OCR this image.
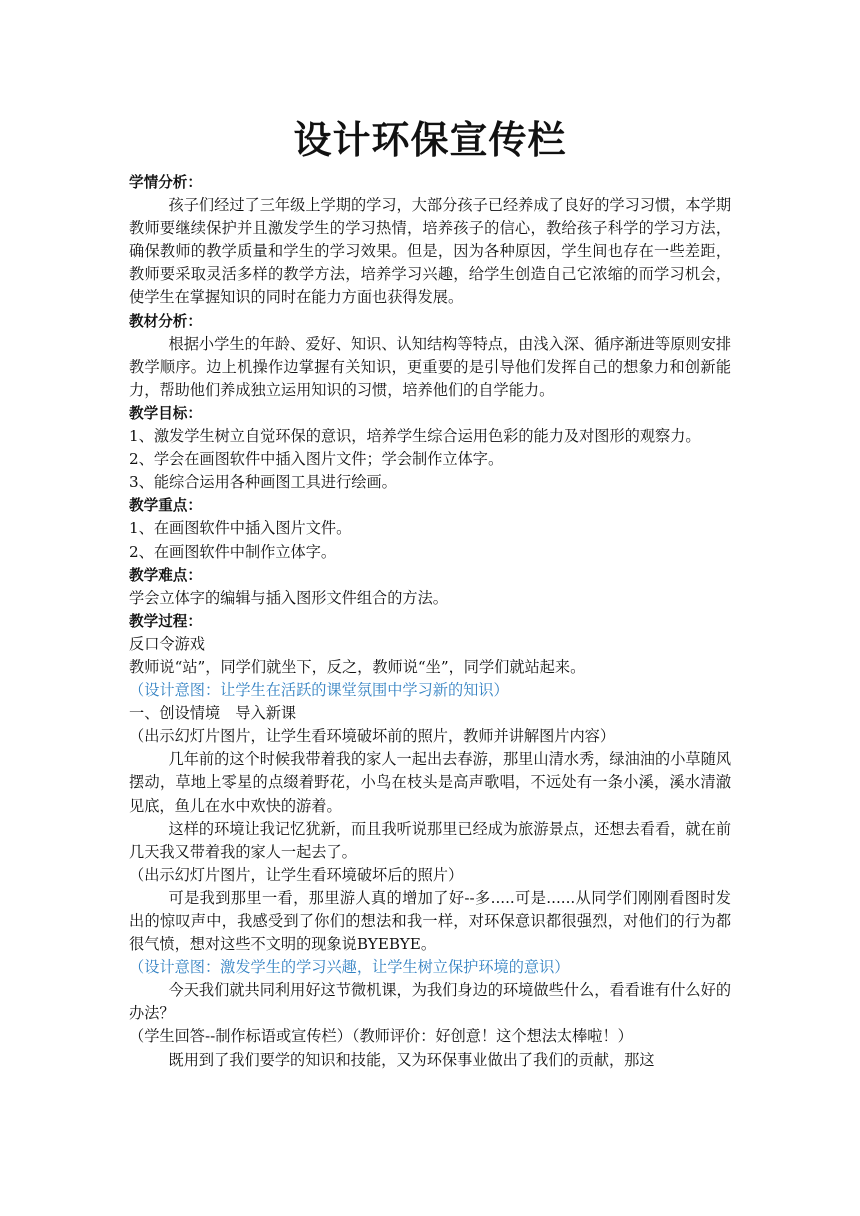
设计环保宣传栏

学情分析：

孩子们经过了三年级上学期的学习，大部分孩子已经养成了良好的学习习惯，本学期教师要继续保护并且激发学生的学习热情，培养孩子的信心，教给孩子科学的学习方法，确保教师的教学质量和学生的学习效果。但是，因为各种原因，学生间也存在一些差距，教师要采取灵活多样的教学方法，培养学习兴趣，给学生创造自己它浓缩的而学习机会，使学生在掌握知识的同时在能力方面也获得发展。

教材分析：

根据小学生的年龄、爱好、知识、认知结构等特点，由浅入深、循序渐进等原则安排教学顺序。边上机操作边掌握有关知识，更重要的是引导他们发挥自己的想象力和创新能力，帮助他们养成独立运用知识的习惯，培养他们的自学能力。

教学目标：

1、激发学生树立自觉环保的意识，培养学生综合运用色彩的能力及对图形的观察力。

2、学会在画图软件中插入图片文件；学会制作立体字。

3、能综合运用各种画图工具进行绘画。

教学重点：

1、在画图软件中插入图片文件。

2、在画图软件中制作立体字。

教学难点：

学会立体字的编辑与插入图形文件组合的方法。

教学过程：

反口令游戏

教师说“站”，同学们就坐下，反之，教师说“坐”，同学们就站起来。

（设计意图：让学生在活跃的课堂氛围中学习新的知识）

一、创设情境　导入新课

（出示幻灯片图片，让学生看环境破坏前的照片，教师并讲解图片内容）

几年前的这个时候我带着我的家人一起出去春游，那里山清水秀，绿油油的小草随风摆动，草地上零星的点缀着野花，小鸟在枝头是高声歌唱，不远处有一条小溪，溪水清澈见底，鱼儿在水中欢快的游着。

这样的环境让我记忆犹新，而且我听说那里已经成为旅游景点，还想去看看，就在前几天我又带着我的家人一起去了。

（出示幻灯片图片，让学生看环境破坏后的照片）

可是我到那里一看，那里游人真的增加了好--多.....可是......从同学们刚刚看图时发出的惊叹声中，我感受到了你们的想法和我一样，对环保意识都很强烈，对他们的行为都很气愤，想对这些不文明的现象说BYEBYE。

（设计意图：激发学生的学习兴趣，让学生树立保护环境的意识）

今天我们就共同利用好这节微机课，为我们身边的环境做些什么，看看谁有什么好的办法？

（学生回答--制作标语或宣传栏）（教师评价：好创意！这个想法太棒啦！）

既用到了我们要学的知识和技能，又为环保事业做出了我们的贡献，那这
